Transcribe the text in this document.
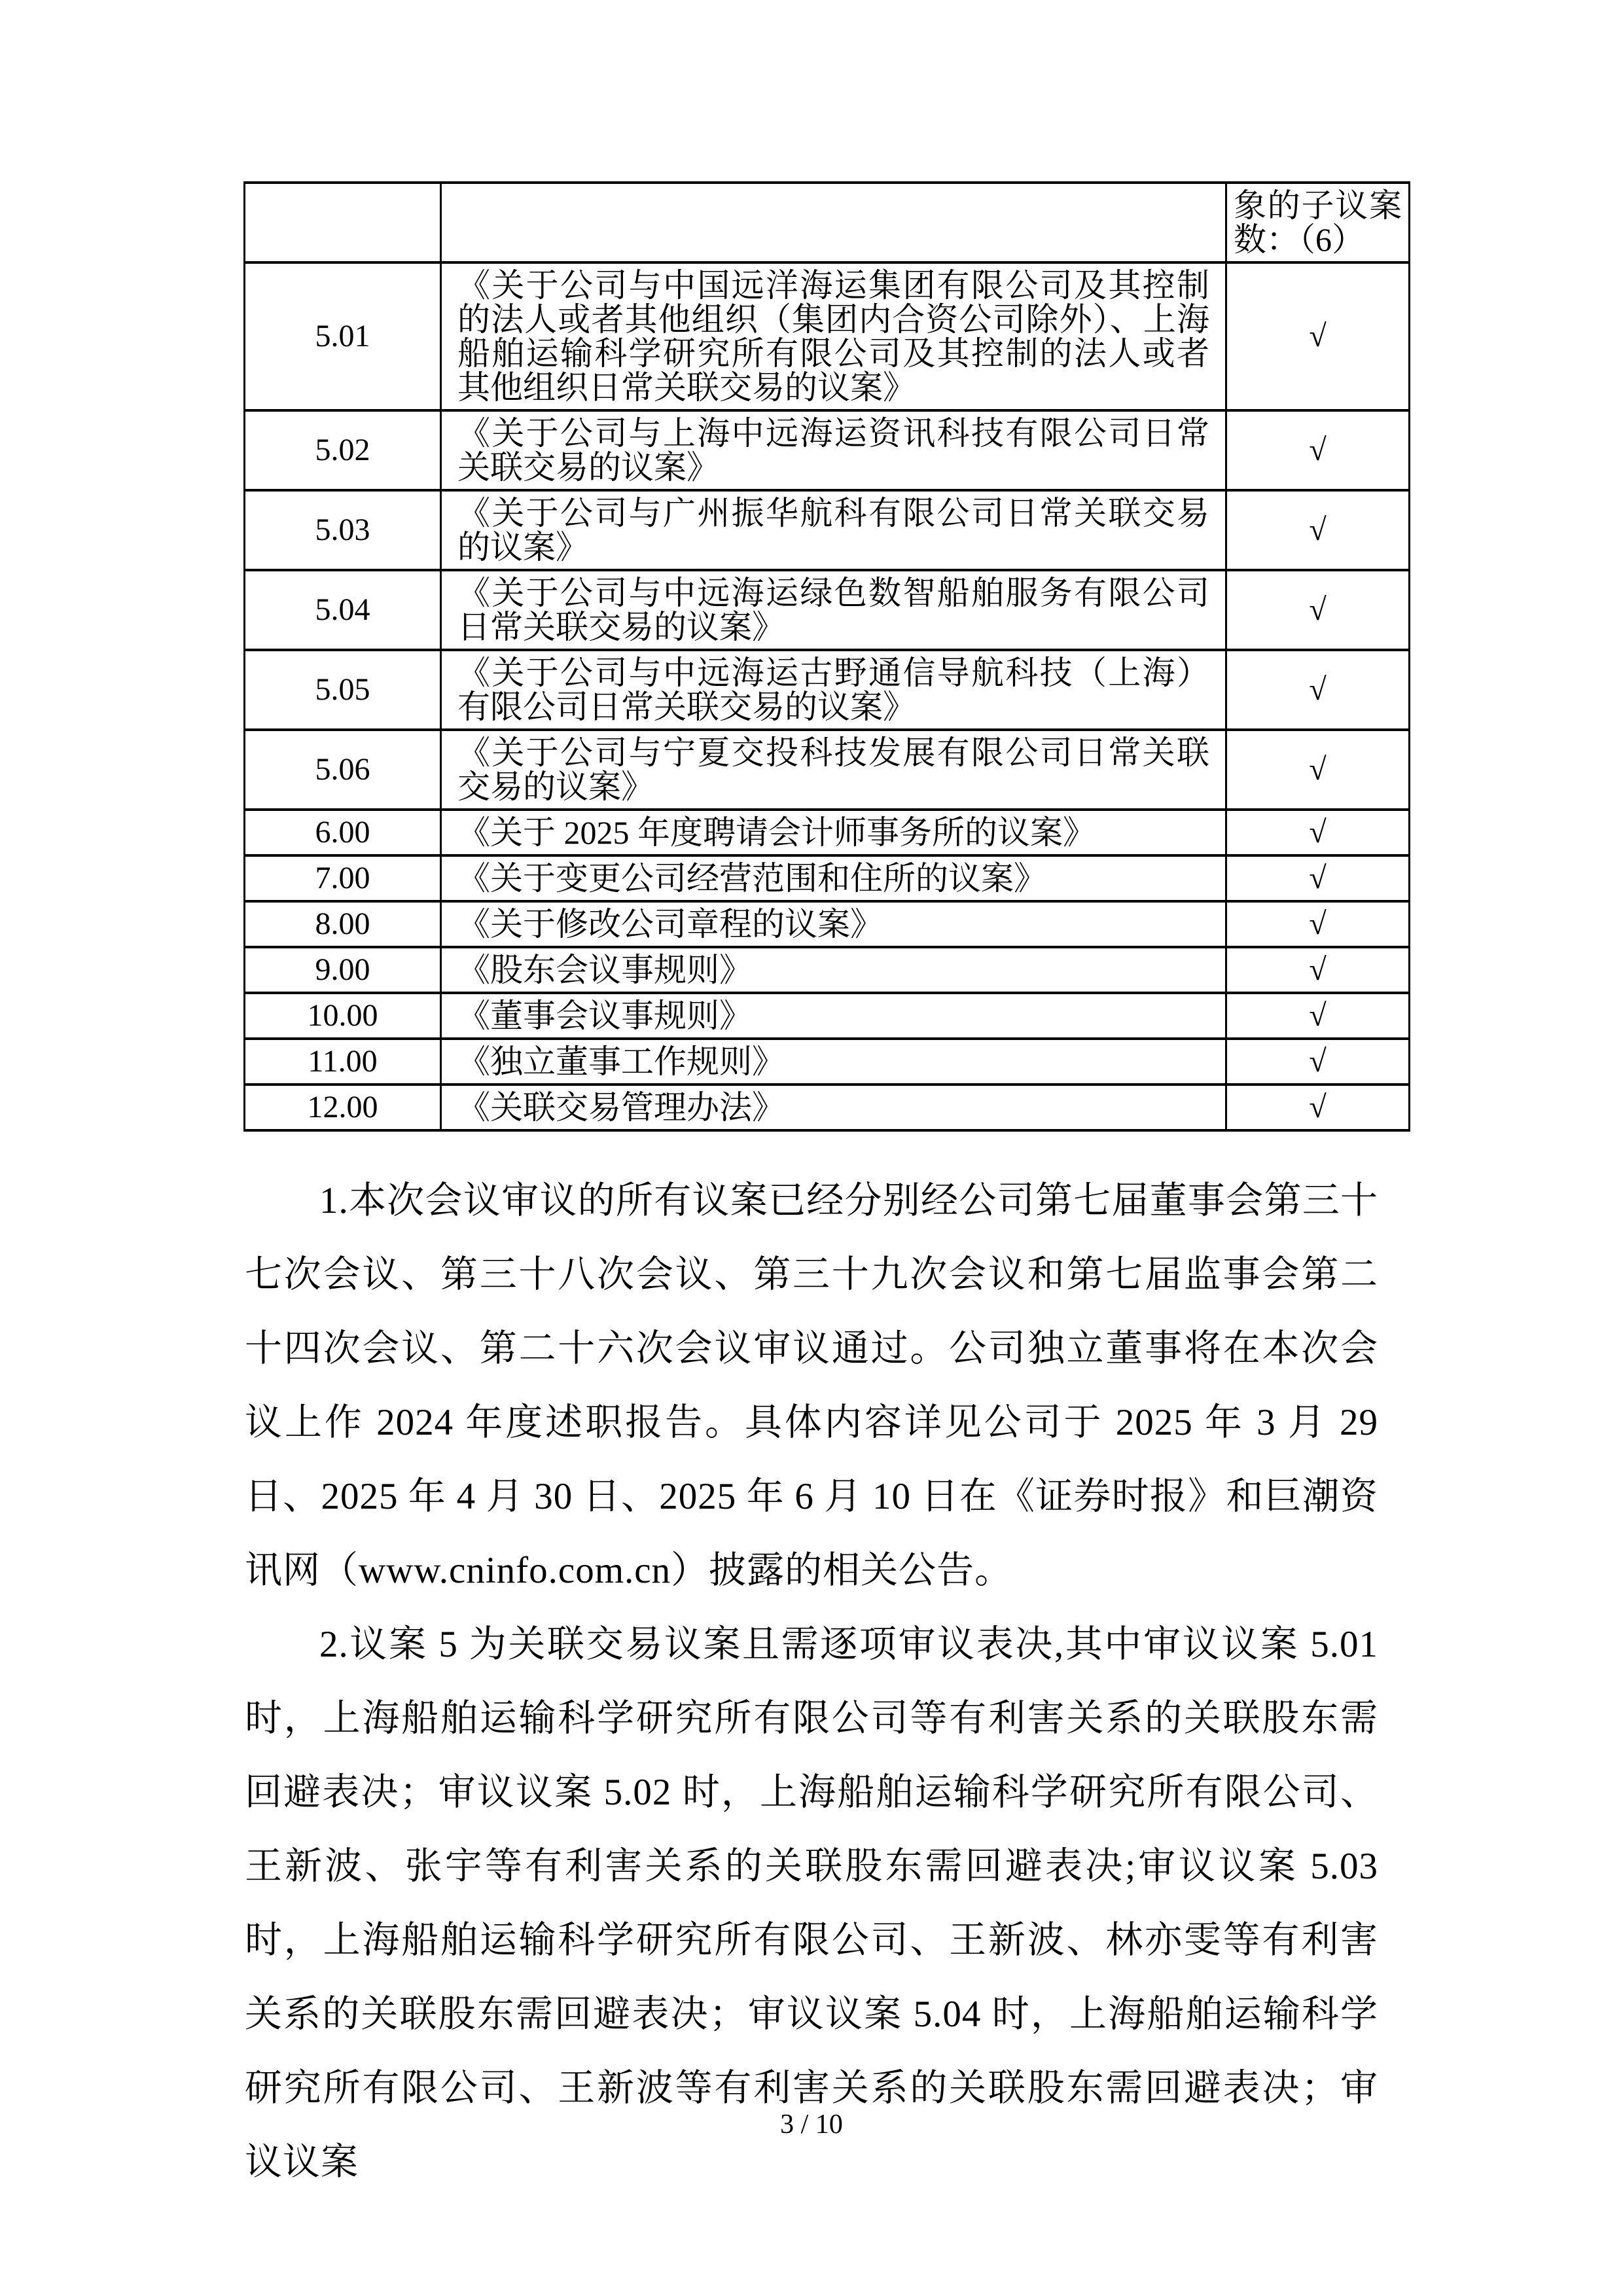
		象的子议案数：（6）
5.01	《关于公司与中国远洋海运集团有限公司及其控制的法人或者其他组织（集团内合资公司除外）、上海船舶运输科学研究所有限公司及其控制的法人或者其他组织日常关联交易的议案》	√
5.02	《关于公司与上海中远海运资讯科技有限公司日常关联交易的议案》	√
5.03	《关于公司与广州振华航科有限公司日常关联交易的议案》	√
5.04	《关于公司与中远海运绿色数智船舶服务有限公司日常关联交易的议案》	√
5.05	《关于公司与中远海运古野通信导航科技（上海）有限公司日常关联交易的议案》	√
5.06	《关于公司与宁夏交投科技发展有限公司日常关联交易的议案》	√
6.00	《关于 2025 年度聘请会计师事务所的议案》	√
7.00	《关于变更公司经营范围和住所的议案》	√
8.00	《关于修改公司章程的议案》	√
9.00	《股东会议事规则》	√
10.00	《董事会议事规则》	√
11.00	《独立董事工作规则》	√
12.00	《关联交易管理办法》	√

1.本次会议审议的所有议案已经分别经公司第七届董事会第三十七次会议、第三十八次会议、第三十九次会议和第七届监事会第二十四次会议、第二十六次会议审议通过。公司独立董事将在本次会议上作 2024 年度述职报告。具体内容详见公司于 2025 年 3 月 29 日、2025 年 4 月 30 日、2025 年 6 月 10 日在《证券时报》和巨潮资讯网（www.cninfo.com.cn）披露的相关公告。

2.议案 5 为关联交易议案且需逐项审议表决,其中审议议案 5.01 时，上海船舶运输科学研究所有限公司等有利害关系的关联股东需回避表决；审议议案 5.02 时，上海船舶运输科学研究所有限公司、王新波、张宇等有利害关系的关联股东需回避表决;审议议案 5.03 时，上海船舶运输科学研究所有限公司、王新波、林亦雯等有利害关系的关联股东需回避表决；审议议案 5.04 时，上海船舶运输科学研究所有限公司、王新波等有利害关系的关联股东需回避表决；审议议案

3 / 10
